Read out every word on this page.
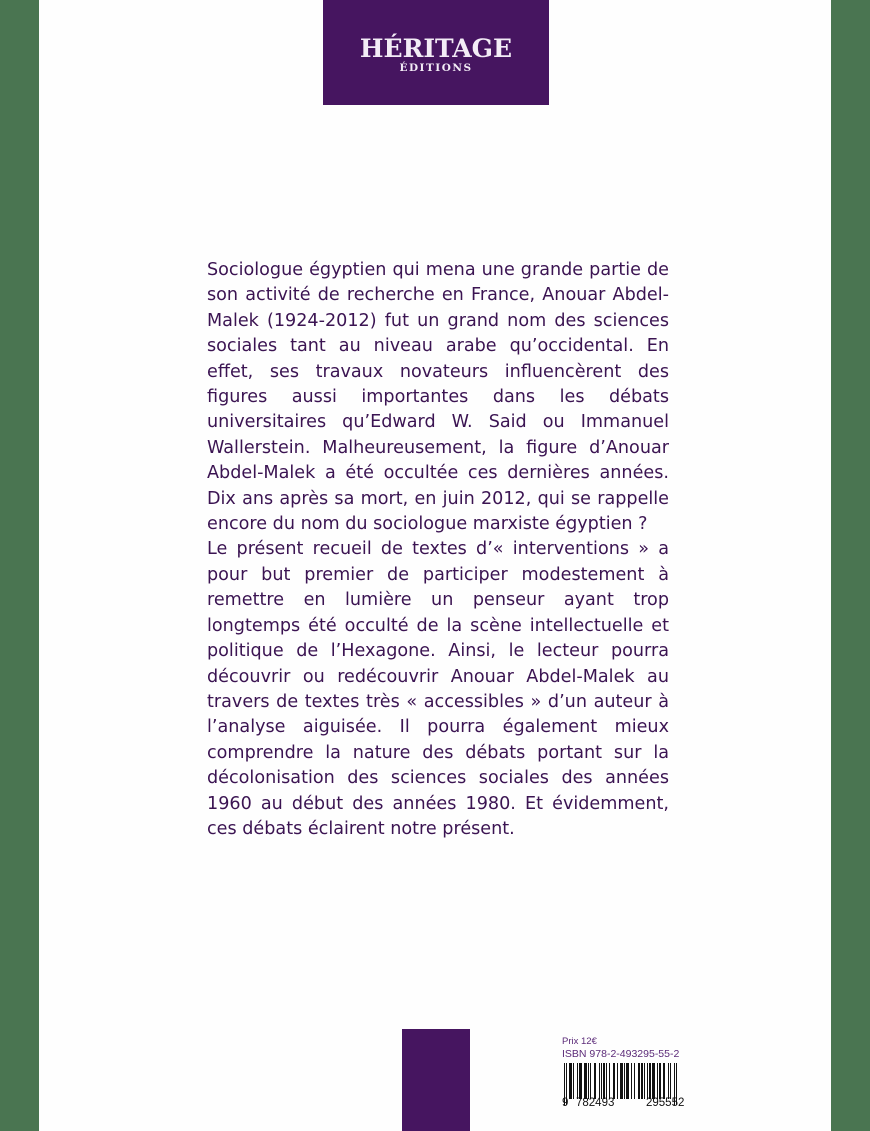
HÉRITAGE
ÉDITIONS

Sociologue égyptien qui mena une grande partie de son activité de recherche en France, Anouar Abdel-Malek (1924-2012) fut un grand nom des sciences sociales tant au niveau arabe qu’occidental. En effet, ses travaux novateurs influencèrent des figures aussi importantes dans les débats universitaires qu’Edward W. Said ou Immanuel Wallerstein. Malheureusement, la figure d’Anouar Abdel-Malek a été occultée ces dernières années. Dix ans après sa mort, en juin 2012, qui se rappelle encore du nom du sociologue marxiste égyptien ?

Le présent recueil de textes d’« interventions » a pour but premier de participer modestement à remettre en lumière un penseur ayant trop longtemps été occulté de la scène intellectuelle et politique de l’Hexagone. Ainsi, le lecteur pourra découvrir ou redécouvrir Anouar Abdel-Malek au travers de textes très « accessibles » d’un auteur à l’analyse aiguisée. Il pourra également mieux comprendre la nature des débats portant sur la décolonisation des sciences sociales des années 1960 au début des années 1980. Et évidemment, ces débats éclairent notre présent.

Prix 12€
ISBN 978-2-493295-55-2
9 782493	295552
